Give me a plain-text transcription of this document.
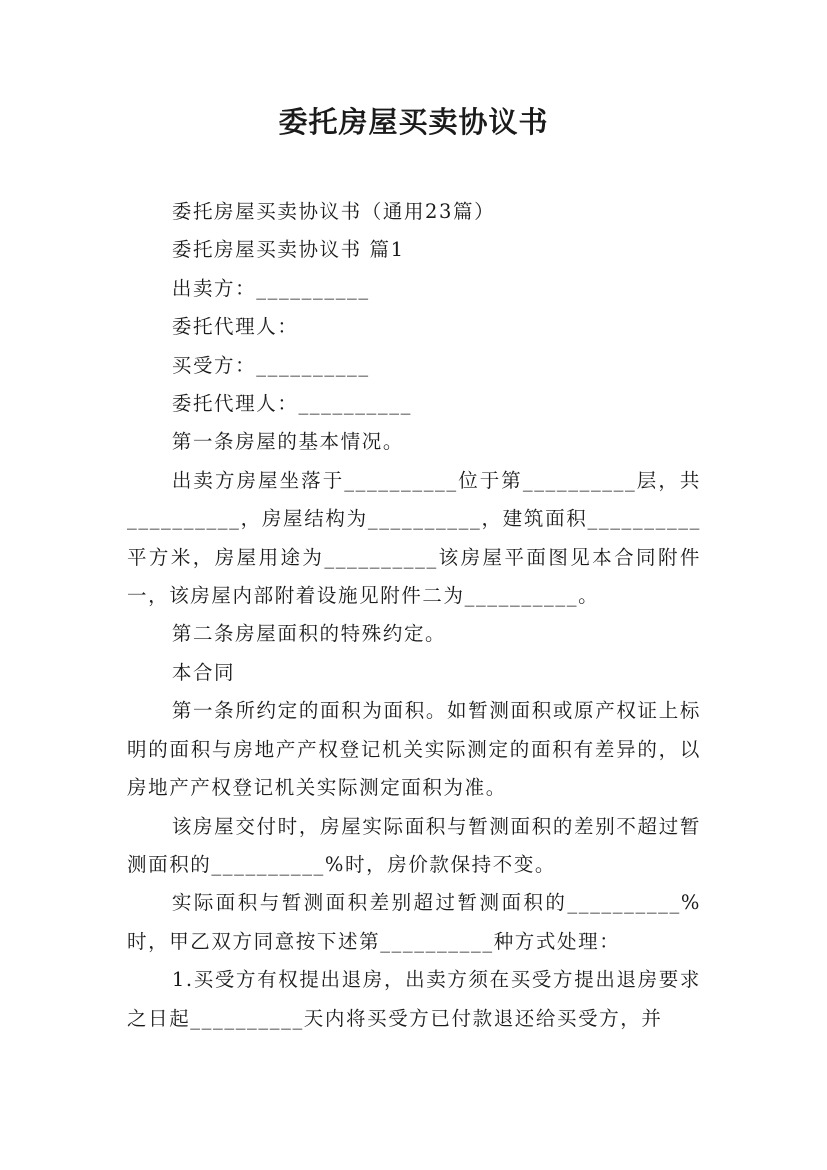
委托房屋买卖协议书

委托房屋买卖协议书（通用23篇）

委托房屋买卖协议书 篇1

出卖方：__________

委托代理人：

买受方：__________

委托代理人：__________

第一条房屋的基本情况。

出卖方房屋坐落于__________位于第__________层，共__________，房屋结构为__________，建筑面积__________平方米，房屋用途为__________该房屋平面图见本合同附件一，该房屋内部附着设施见附件二为__________。

第二条房屋面积的特殊约定。

本合同

第一条所约定的面积为面积。如暂测面积或原产权证上标明的面积与房地产产权登记机关实际测定的面积有差异的，以房地产产权登记机关实际测定面积为准。

该房屋交付时，房屋实际面积与暂测面积的差别不超过暂测面积的__________%时，房价款保持不变。

实际面积与暂测面积差别超过暂测面积的__________%时，甲乙双方同意按下述第__________种方式处理：

1.买受方有权提出退房，出卖方须在买受方提出退房要求之日起__________天内将买受方已付款退还给买受方，并
